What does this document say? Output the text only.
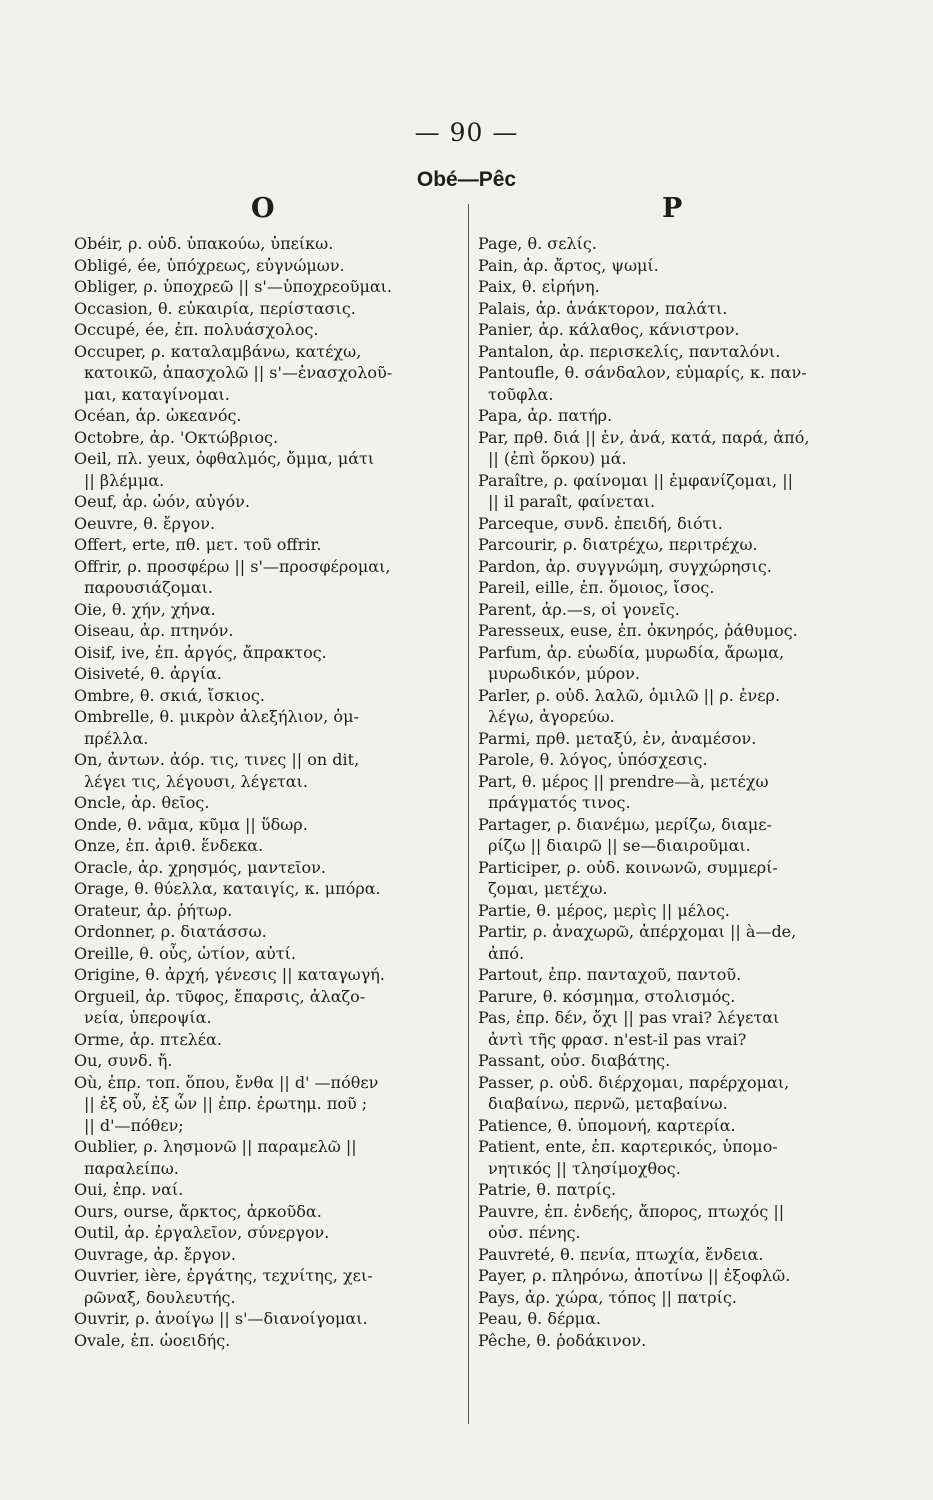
— 90 —
Obé—Pêc
O	P
Obéir, ρ. οὐδ. ὑπακούω, ὑπείκω.
Obligé, ée, ὑπόχρεως, εὐγνώμων.
Obliger, ρ. ὑποχρεῶ || s'—ὑποχρεοῦμαι.
Occasion, θ. εὐκαιρία, περίστασις.
Occupé, ée, ἐπ. πολυάσχολος.
Occuper, ρ. καταλαμβάνω, κατέχω,
κατοικῶ, ἀπασχολῶ || s'—ἐνασχολοῦ-
μαι, καταγίνομαι.
Océan, ἀρ. ὠκεανός.
Octobre, ἀρ. 'Οκτώβριος.
Oeil, πλ. yeux, ὀφθαλμός, ὄμμα, μάτι
|| βλέμμα.
Oeuf, ἀρ. ὠόν, αὐγόν.
Oeuvre, θ. ἔργον.
Offert, erte, πθ. μετ. τοῦ offrir.
Offrir, ρ. προσφέρω || s'—προσφέρομαι,
παρουσιάζομαι.
Oie, θ. χήν, χήνα.
Oiseau, ἀρ. πτηνόν.
Oisif, ive, ἐπ. ἀργός, ἄπρακτος.
Oisiveté, θ. ἀργία.
Ombre, θ. σκιά, ἴσκιος.
Ombrelle, θ. μικρὸν ἀλεξήλιον, ὀμ-
πρέλλα.
On, ἀντων. ἀόρ. τις, τινες || on dit,
λέγει τις, λέγουσι, λέγεται.
Oncle, ἀρ. θεῖος.
Onde, θ. νᾶμα, κῦμα || ὕδωρ.
Onze, ἐπ. ἀριθ. ἕνδεκα.
Oracle, ἀρ. χρησμός, μαντεῖον.
Orage, θ. θύελλα, καταιγίς, κ. μπόρα.
Orateur, ἀρ. ῥήτωρ.
Ordonner, ρ. διατάσσω.
Oreille, θ. οὖς, ὠτίον, αὐτί.
Origine, θ. ἀρχή, γένεσις || καταγωγή.
Orgueil, ἀρ. τῦφος, ἔπαρσις, ἀλαζο-
νεία, ὑπεροψία.
Orme, ἀρ. πτελέα.
Ou, συνδ. ἤ.
Où, ἐπρ. τοπ. ὅπου, ἔνθα || d' —πόθεν
|| ἐξ οὗ, ἐξ ὧν || ἐπρ. ἐρωτημ. ποῦ ;
|| d'—πόθεν;
Oublier, ρ. λησμονῶ || παραμελῶ ||
παραλείπω.
Oui, ἐπρ. ναί.
Ours, ourse, ἄρκτος, ἀρκοῦδα.
Outil, ἀρ. ἐργαλεῖον, σύνεργον.
Ouvrage, ἀρ. ἔργον.
Ouvrier, ière, ἐργάτης, τεχνίτης, χει-
ρῶναξ, δουλευτής.
Ouvrir, ρ. ἀνοίγω || s'—διανοίγομαι.
Ovale, ἐπ. ὠοειδής.
Page, θ. σελίς.
Pain, ἀρ. ἄρτος, ψωμί.
Paix, θ. εἰρήνη.
Palais, ἀρ. ἀνάκτορον, παλάτι.
Panier, ἀρ. κάλαθος, κάνιστρον.
Pantalon, ἀρ. περισκελίς, πανταλόνι.
Pantoufle, θ. σάνδαλον, εὐμαρίς, κ. παν-
τοῦφλα.
Papa, ἀρ. πατήρ.
Par, πρθ. διά || ἐν, ἀνά, κατά, παρά, ἀπό,
|| (ἐπὶ ὅρκου) μά.
Paraître, ρ. φαίνομαι || ἐμφανίζομαι, ||
|| il paraît, φαίνεται.
Parceque, συνδ. ἐπειδή, διότι.
Parcourir, ρ. διατρέχω, περιτρέχω.
Pardon, ἀρ. συγγνώμη, συγχώρησις.
Pareil, eille, ἐπ. ὅμοιος, ἴσος.
Parent, ἀρ.—s, οἱ γονεῖς.
Paresseux, euse, ἐπ. ὀκνηρός, ῥάθυμος.
Parfum, ἀρ. εὐωδία, μυρωδία, ἄρωμα,
μυρωδικόν, μύρον.
Parler, ρ. οὐδ. λαλῶ, ὁμιλῶ || ρ. ἐνερ.
λέγω, ἀγορεύω.
Parmi, πρθ. μεταξύ, ἐν, ἀναμέσον.
Parole, θ. λόγος, ὑπόσχεσις.
Part, θ. μέρος || prendre—à, μετέχω
πράγματός τινος.
Partager, ρ. διανέμω, μερίζω, διαμε-
ρίζω || διαιρῶ || se—διαιροῦμαι.
Participer, ρ. οὐδ. κοινωνῶ, συμμερί-
ζομαι, μετέχω.
Partie, θ. μέρος, μερὶς || μέλος.
Partir, ρ. ἀναχωρῶ, ἀπέρχομαι || à—de,
ἀπό.
Partout, ἐπρ. πανταχοῦ, παντοῦ.
Parure, θ. κόσμημα, στολισμός.
Pas, ἐπρ. δέν, ὄχι || pas vrai? λέγεται
ἀντὶ τῆς φρασ. n'est-il pas vrai?
Passant, οὐσ. διαβάτης.
Passer, ρ. οὐδ. διέρχομαι, παρέρχομαι,
διαβαίνω, περνῶ, μεταβαίνω.
Patience, θ. ὑπομονή, καρτερία.
Patient, ente, ἐπ. καρτερικός, ὑπομο-
νητικός || τλησίμοχθος.
Patrie, θ. πατρίς.
Pauvre, ἐπ. ἐνδεής, ἄπορος, πτωχός ||
οὐσ. πένης.
Pauvreté, θ. πενία, πτωχία, ἔνδεια.
Payer, ρ. πληρόνω, ἀποτίνω || ἐξοφλῶ.
Pays, ἀρ. χώρα, τόπος || πατρίς.
Peau, θ. δέρμα.
Pêche, θ. ῥοδάκινον.
